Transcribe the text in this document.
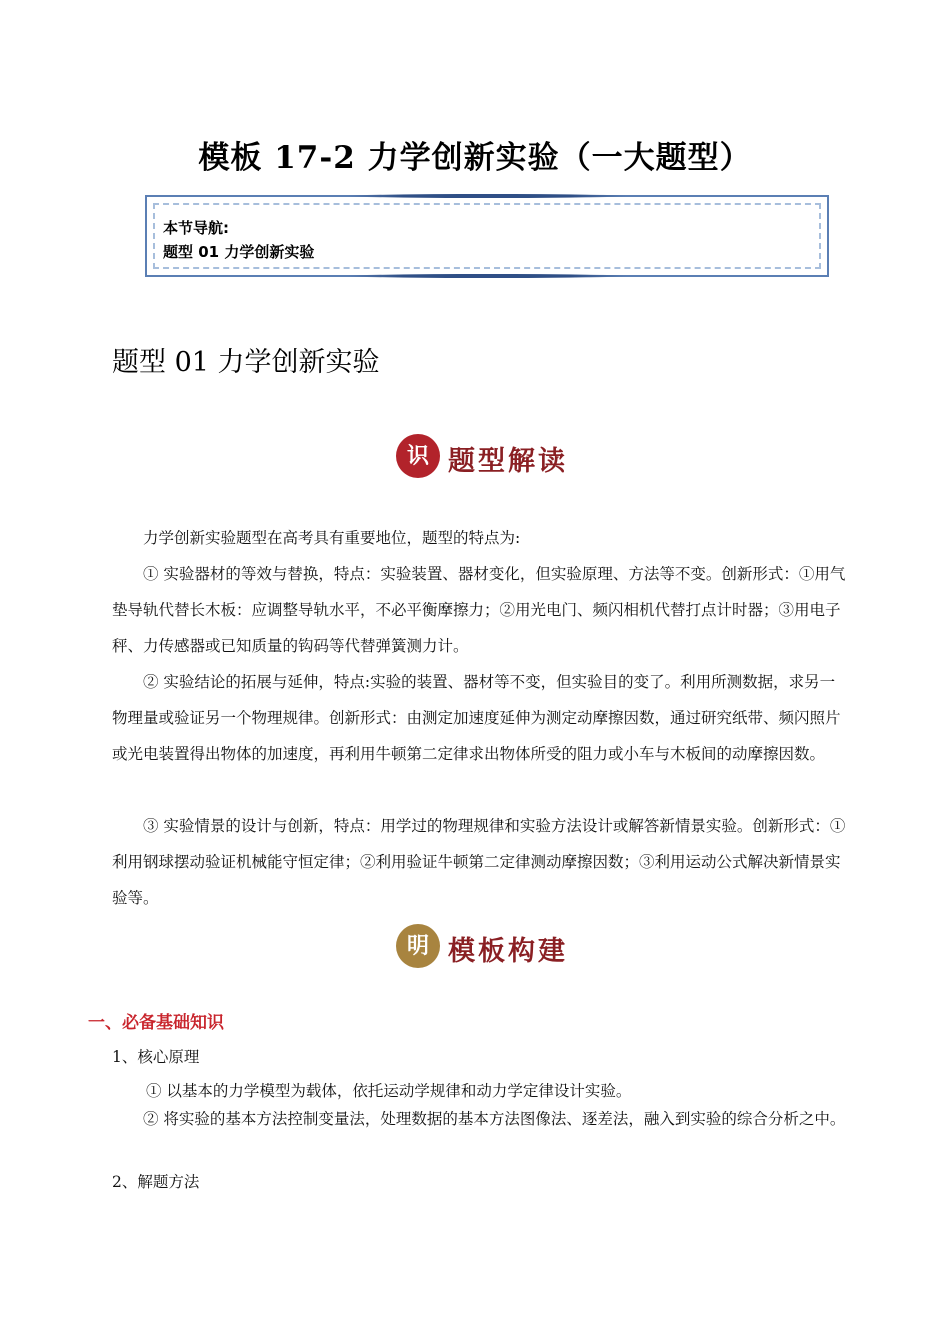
模板 17-2 力学创新实验（一大题型）
本节导航:
题型 01 力学创新实验
题型 01 力学创新实验
识 题型解读

力学创新实验题型在高考具有重要地位，题型的特点为:

① 实验器材的等效与替换，特点：实验装置、器材变化，但实验原理、方法等不变。创新形式：①用气垫导轨代替长木板：应调整导轨水平，不必平衡摩擦力；②用光电门、频闪相机代替打点计时器；③用电子秤、力传感器或已知质量的钩码等代替弹簧测力计。

② 实验结论的拓展与延伸，特点:实验的装置、器材等不变，但实验目的变了。利用所测数据，求另一物理量或验证另一个物理规律。创新形式：由测定加速度延伸为测定动摩擦因数，通过研究纸带、频闪照片或光电装置得出物体的加速度，再利用牛顿第二定律求出物体所受的阻力或小车与木板间的动摩擦因数。

③ 实验情景的设计与创新，特点：用学过的物理规律和实验方法设计或解答新情景实验。创新形式：①利用钢球摆动验证机械能守恒定律；②利用验证牛顿第二定律测动摩擦因数；③利用运动公式解决新情景实验等。

明 模板构建
一、必备基础知识
1、核心原理
① 以基本的力学模型为载体，依托运动学规律和动力学定律设计实验。

② 将实验的基本方法控制变量法，处理数据的基本方法图像法、逐差法，融入到实验的综合分析之中。

2、解题方法
